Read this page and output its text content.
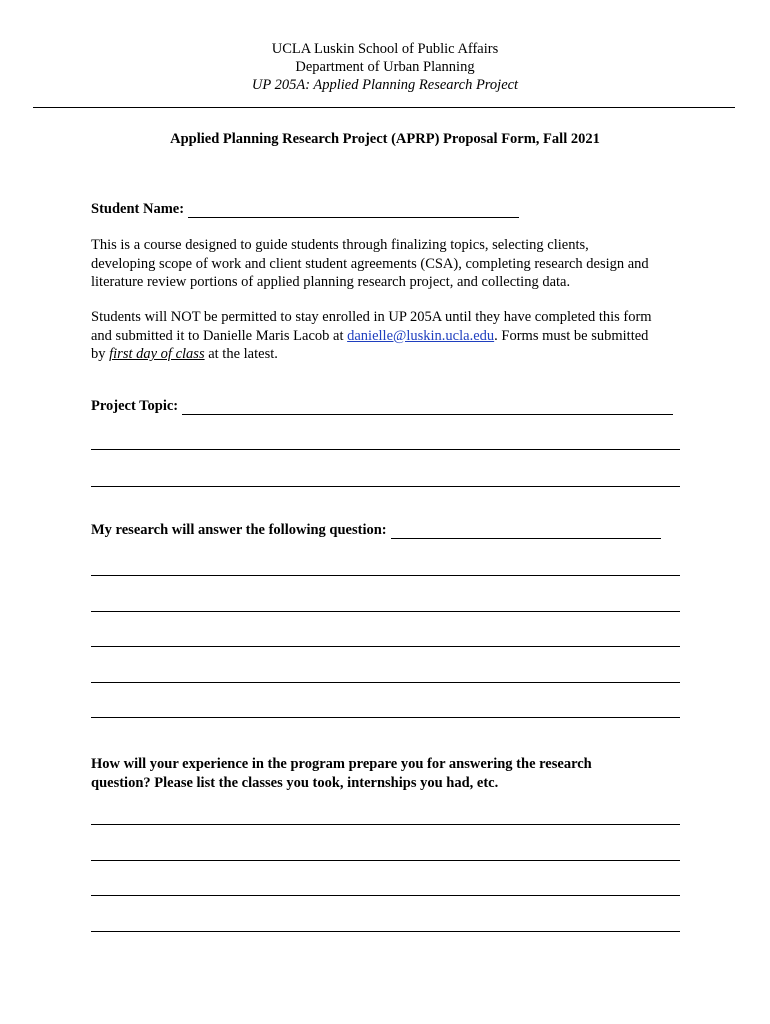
UCLA Luskin School of Public Affairs
Department of Urban Planning
UP 205A: Applied Planning Research Project
Applied Planning Research Project (APRP) Proposal Form, Fall 2021
Student Name:
This is a course designed to guide students through finalizing topics, selecting clients,
developing scope of work and client student agreements (CSA), completing research design and
literature review portions of applied planning research project, and collecting data.
Students will NOT be permitted to stay enrolled in UP 205A until they have completed this form
and submitted it to Danielle Maris Lacob at danielle@luskin.ucla.edu. Forms must be submitted
by first day of class at the latest.
Project Topic:
My research will answer the following question:
How will your experience in the program prepare you for answering the research
question? Please list the classes you took, internships you had, etc.
